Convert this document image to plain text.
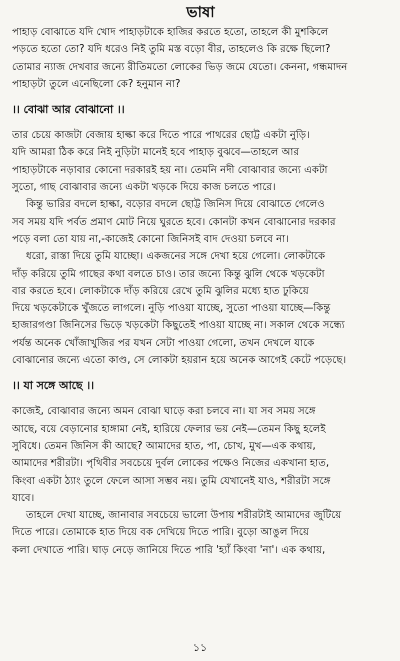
ভাষা
পাহাড় বোঝাতে যদি খোদ পাহাড়টাকে হাজির করতে হতো, তাহলে কী মুশকিলে
পড়তে হতো তো? যদি ধরেও নিই তুমি মস্ত বড়ো বীর, তাহলেও কি রক্ষে ছিলো?
তোমার ন্যাজ দেখবার জন্যে রীতিমতো লোকের ভিড় জমে যেতো। কেননা, গন্ধমাদন
পাহাড়টা তুলে এনেছিলো কে? হনুমান না?
।। বোঝা আর বোঝানো ।।
তার চেয়ে কাজটা বেজায় হাল্কা করে দিতে পারে পাথরের ছোট্ট একটা নুড়ি।
যদি আমরা ঠিক করে নিই নুড়িটা মানেই হবে পাহাড় বুঝবে—তাহলে আর
পাহাড়টাকে নড়াবার কোনো দরকারই হয় না। তেমনি নদী বোঝাবার জন্যে একটা
সুতো, গাছ বোঝাবার জন্যে একটা খড়কে দিয়ে কাজ চলতে পারে।
কিন্তু ভারির বদলে হাল্কা, বড়োর বদলে ছোট্ট জিনিস দিয়ে বোঝাতে গেলেও
সব সময় যদি পর্বত প্রমাণ মোট নিয়ে ঘুরতে হবে। কোনটা কখন বোঝানোর দরকার
পড়ে বলা তো যায় না,-কাজেই কোনো জিনিসই বাদ দেওয়া চলবে না।
ধরো, রাস্তা দিয়ে তুমি যাচ্ছো। একজনের সঙ্গে দেখা হয়ে গেলো। লোকটাকে
দাঁড় করিয়ে তুমি গাছের কথা বলতে চাও। তার জন্যে কিন্তু ঝুলি থেকে খড়কেটা
বার করতে হবে। লোকটাকে দাঁড় করিয়ে রেখে তুমি ঝুলির মধ্যে হাত ঢুকিয়ে
দিয়ে খড়কেটাকে খুঁজতে লাগলে। নুড়ি পাওয়া যাচ্ছে, সুতো পাওয়া যাচ্ছে—কিন্তু
হাজারগণ্ডা জিনিসের ভিড়ে খড়কেটা কিছুতেই পাওয়া যাচ্ছে না। সকাল থেকে সন্ধ্যে
পর্যন্ত অনেক খোঁজাখুজির পর যখন সেটা পাওয়া গেলো, তখন দেখলে যাকে
বোঝানোর জন্যে এতো কাণ্ড, সে লোকটা হয়রান হয়ে অনেক আগেই কেটে পড়েছে।
।। যা সঙ্গে আছে ।।
কাজেই, বোঝাবার জন্যে অমন বোঝা ঘাড়ে করা চলবে না। যা সব সময় সঙ্গে
আছে, বয়ে বেড়ানোর হাঙ্গামা নেই, হারিয়ে ফেলার ভয় নেই—তেমন কিছু হলেই
সুবিধে। তেমন জিনিস কী আছে? আমাদের হাত, পা, চোখ, মুখ—এক কথায়,
আমাদের শরীরটা। পৃথিবীর সবচেয়ে দুর্বল লোকের পক্ষেও নিজের একখানা হাত,
কিংবা একটা ঠ্যাং তুলে ফেলে আসা সম্ভব নয়। তুমি যেখানেই যাও, শরীরটা সঙ্গে
যাবে।
তাহলে দেখা যাচ্ছে, জানাবার সবচেয়ে ভালো উপায় শরীরটাই আমাদের জুটিয়ে
দিতে পারে। তোমাকে হাত দিয়ে বক দেখিয়ে দিতে পারি। বুড়ো আঙুল দিয়ে
কলা দেখাতে পারি। ঘাড় নেড়ে জানিয়ে দিতে পারি 'হ্যাঁ কিংবা 'না'। এক কথায়,
১১
